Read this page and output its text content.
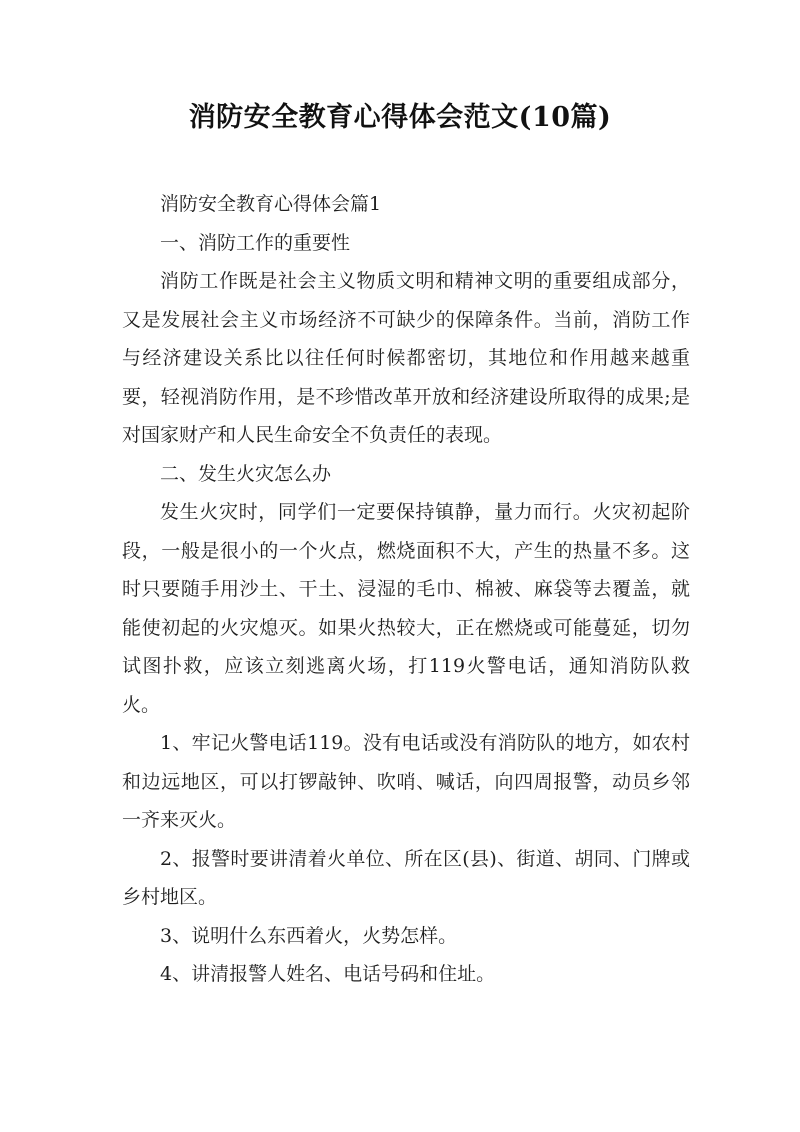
消防安全教育心得体会范文(10篇)

消防安全教育心得体会篇1

一、消防工作的重要性

消防工作既是社会主义物质文明和精神文明的重要组成部分，又是发展社会主义市场经济不可缺少的保障条件。当前，消防工作与经济建设关系比以往任何时候都密切，其地位和作用越来越重要，轻视消防作用，是不珍惜改革开放和经济建设所取得的成果;是对国家财产和人民生命安全不负责任的表现。

二、发生火灾怎么办

发生火灾时，同学们一定要保持镇静，量力而行。火灾初起阶段，一般是很小的一个火点，燃烧面积不大，产生的热量不多。这时只要随手用沙土、干土、浸湿的毛巾、棉被、麻袋等去覆盖，就能使初起的火灾熄灭。如果火热较大，正在燃烧或可能蔓延，切勿试图扑救，应该立刻逃离火场，打119火警电话，通知消防队救火。

1、牢记火警电话119。没有电话或没有消防队的地方，如农村和边远地区，可以打锣敲钟、吹哨、喊话，向四周报警，动员乡邻一齐来灭火。

2、报警时要讲清着火单位、所在区(县)、街道、胡同、门牌或乡村地区。

3、说明什么东西着火，火势怎样。

4、讲清报警人姓名、电话号码和住址。
